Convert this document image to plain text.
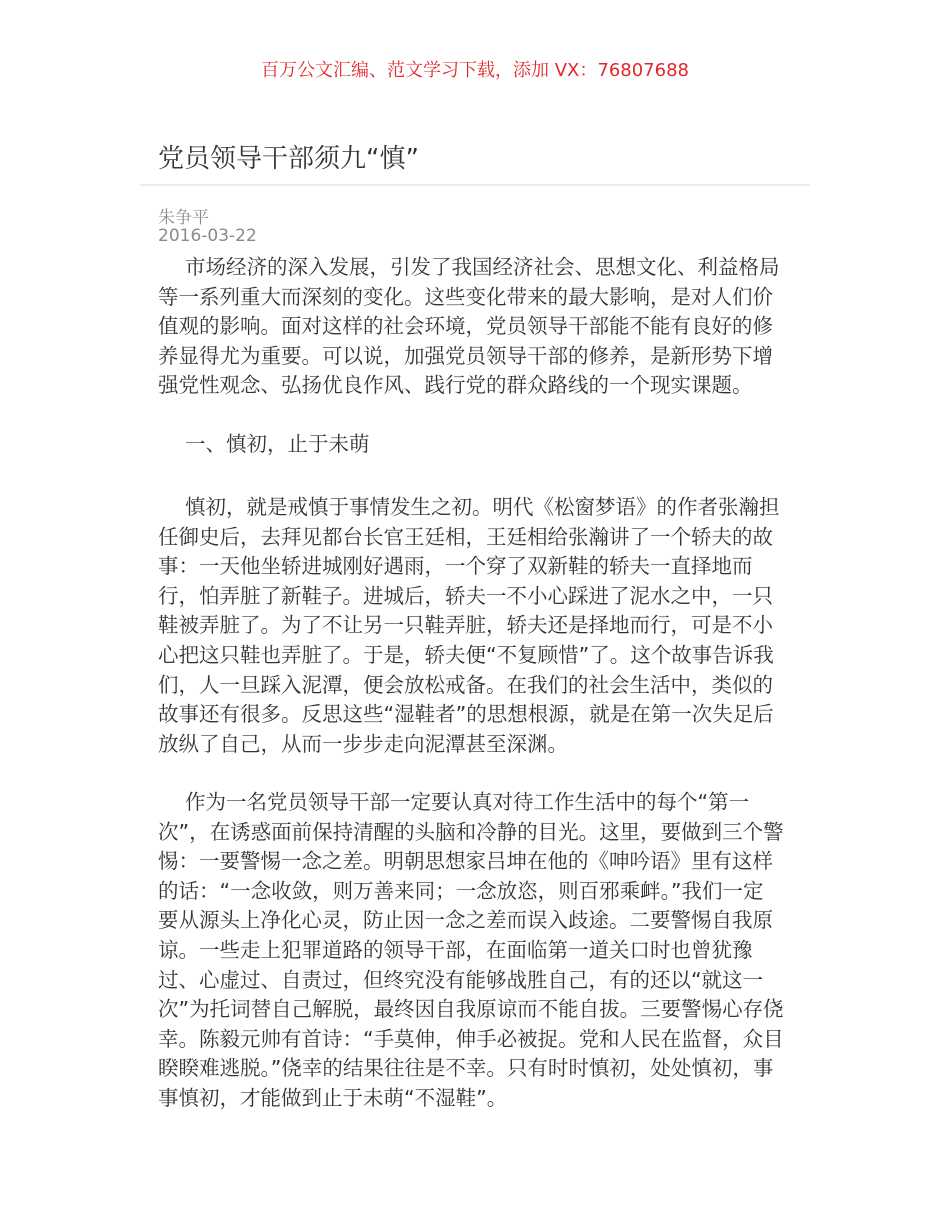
百万公文汇编、范文学习下载，添加 VX：76807688
党员领导干部须九“慎”
朱争平
2016-03-22
市场经济的深入发展，引发了我国经济社会、思想文化、利益格局
等一系列重大而深刻的变化。这些变化带来的最大影响，是对人们价
值观的影响。面对这样的社会环境，党员领导干部能不能有良好的修
养显得尤为重要。可以说，加强党员领导干部的修养，是新形势下增
强党性观念、弘扬优良作风、践行党的群众路线的一个现实课题。
一、慎初，止于未萌
慎初，就是戒慎于事情发生之初。明代《松窗梦语》的作者张瀚担
任御史后，去拜见都台长官王廷相，王廷相给张瀚讲了一个轿夫的故
事：一天他坐轿进城刚好遇雨，一个穿了双新鞋的轿夫一直择地而
行，怕弄脏了新鞋子。进城后，轿夫一不小心踩进了泥水之中，一只
鞋被弄脏了。为了不让另一只鞋弄脏，轿夫还是择地而行，可是不小
心把这只鞋也弄脏了。于是，轿夫便“不复顾惜”了。这个故事告诉我
们，人一旦踩入泥潭，便会放松戒备。在我们的社会生活中，类似的
故事还有很多。反思这些“湿鞋者”的思想根源，就是在第一次失足后
放纵了自己，从而一步步走向泥潭甚至深渊。
作为一名党员领导干部一定要认真对待工作生活中的每个“第一
次”，在诱惑面前保持清醒的头脑和冷静的目光。这里，要做到三个警
惕：一要警惕一念之差。明朝思想家吕坤在他的《呻吟语》里有这样
的话：“一念收敛，则万善来同；一念放恣，则百邪乘衅。”我们一定
要从源头上净化心灵，防止因一念之差而误入歧途。二要警惕自我原
谅。一些走上犯罪道路的领导干部，在面临第一道关口时也曾犹豫
过、心虚过、自责过，但终究没有能够战胜自己，有的还以“就这一
次”为托词替自己解脱，最终因自我原谅而不能自拔。三要警惕心存侥
幸。陈毅元帅有首诗：“手莫伸，伸手必被捉。党和人民在监督，众目
睽睽难逃脱。”侥幸的结果往往是不幸。只有时时慎初，处处慎初，事
事慎初，才能做到止于未萌“不湿鞋”。
